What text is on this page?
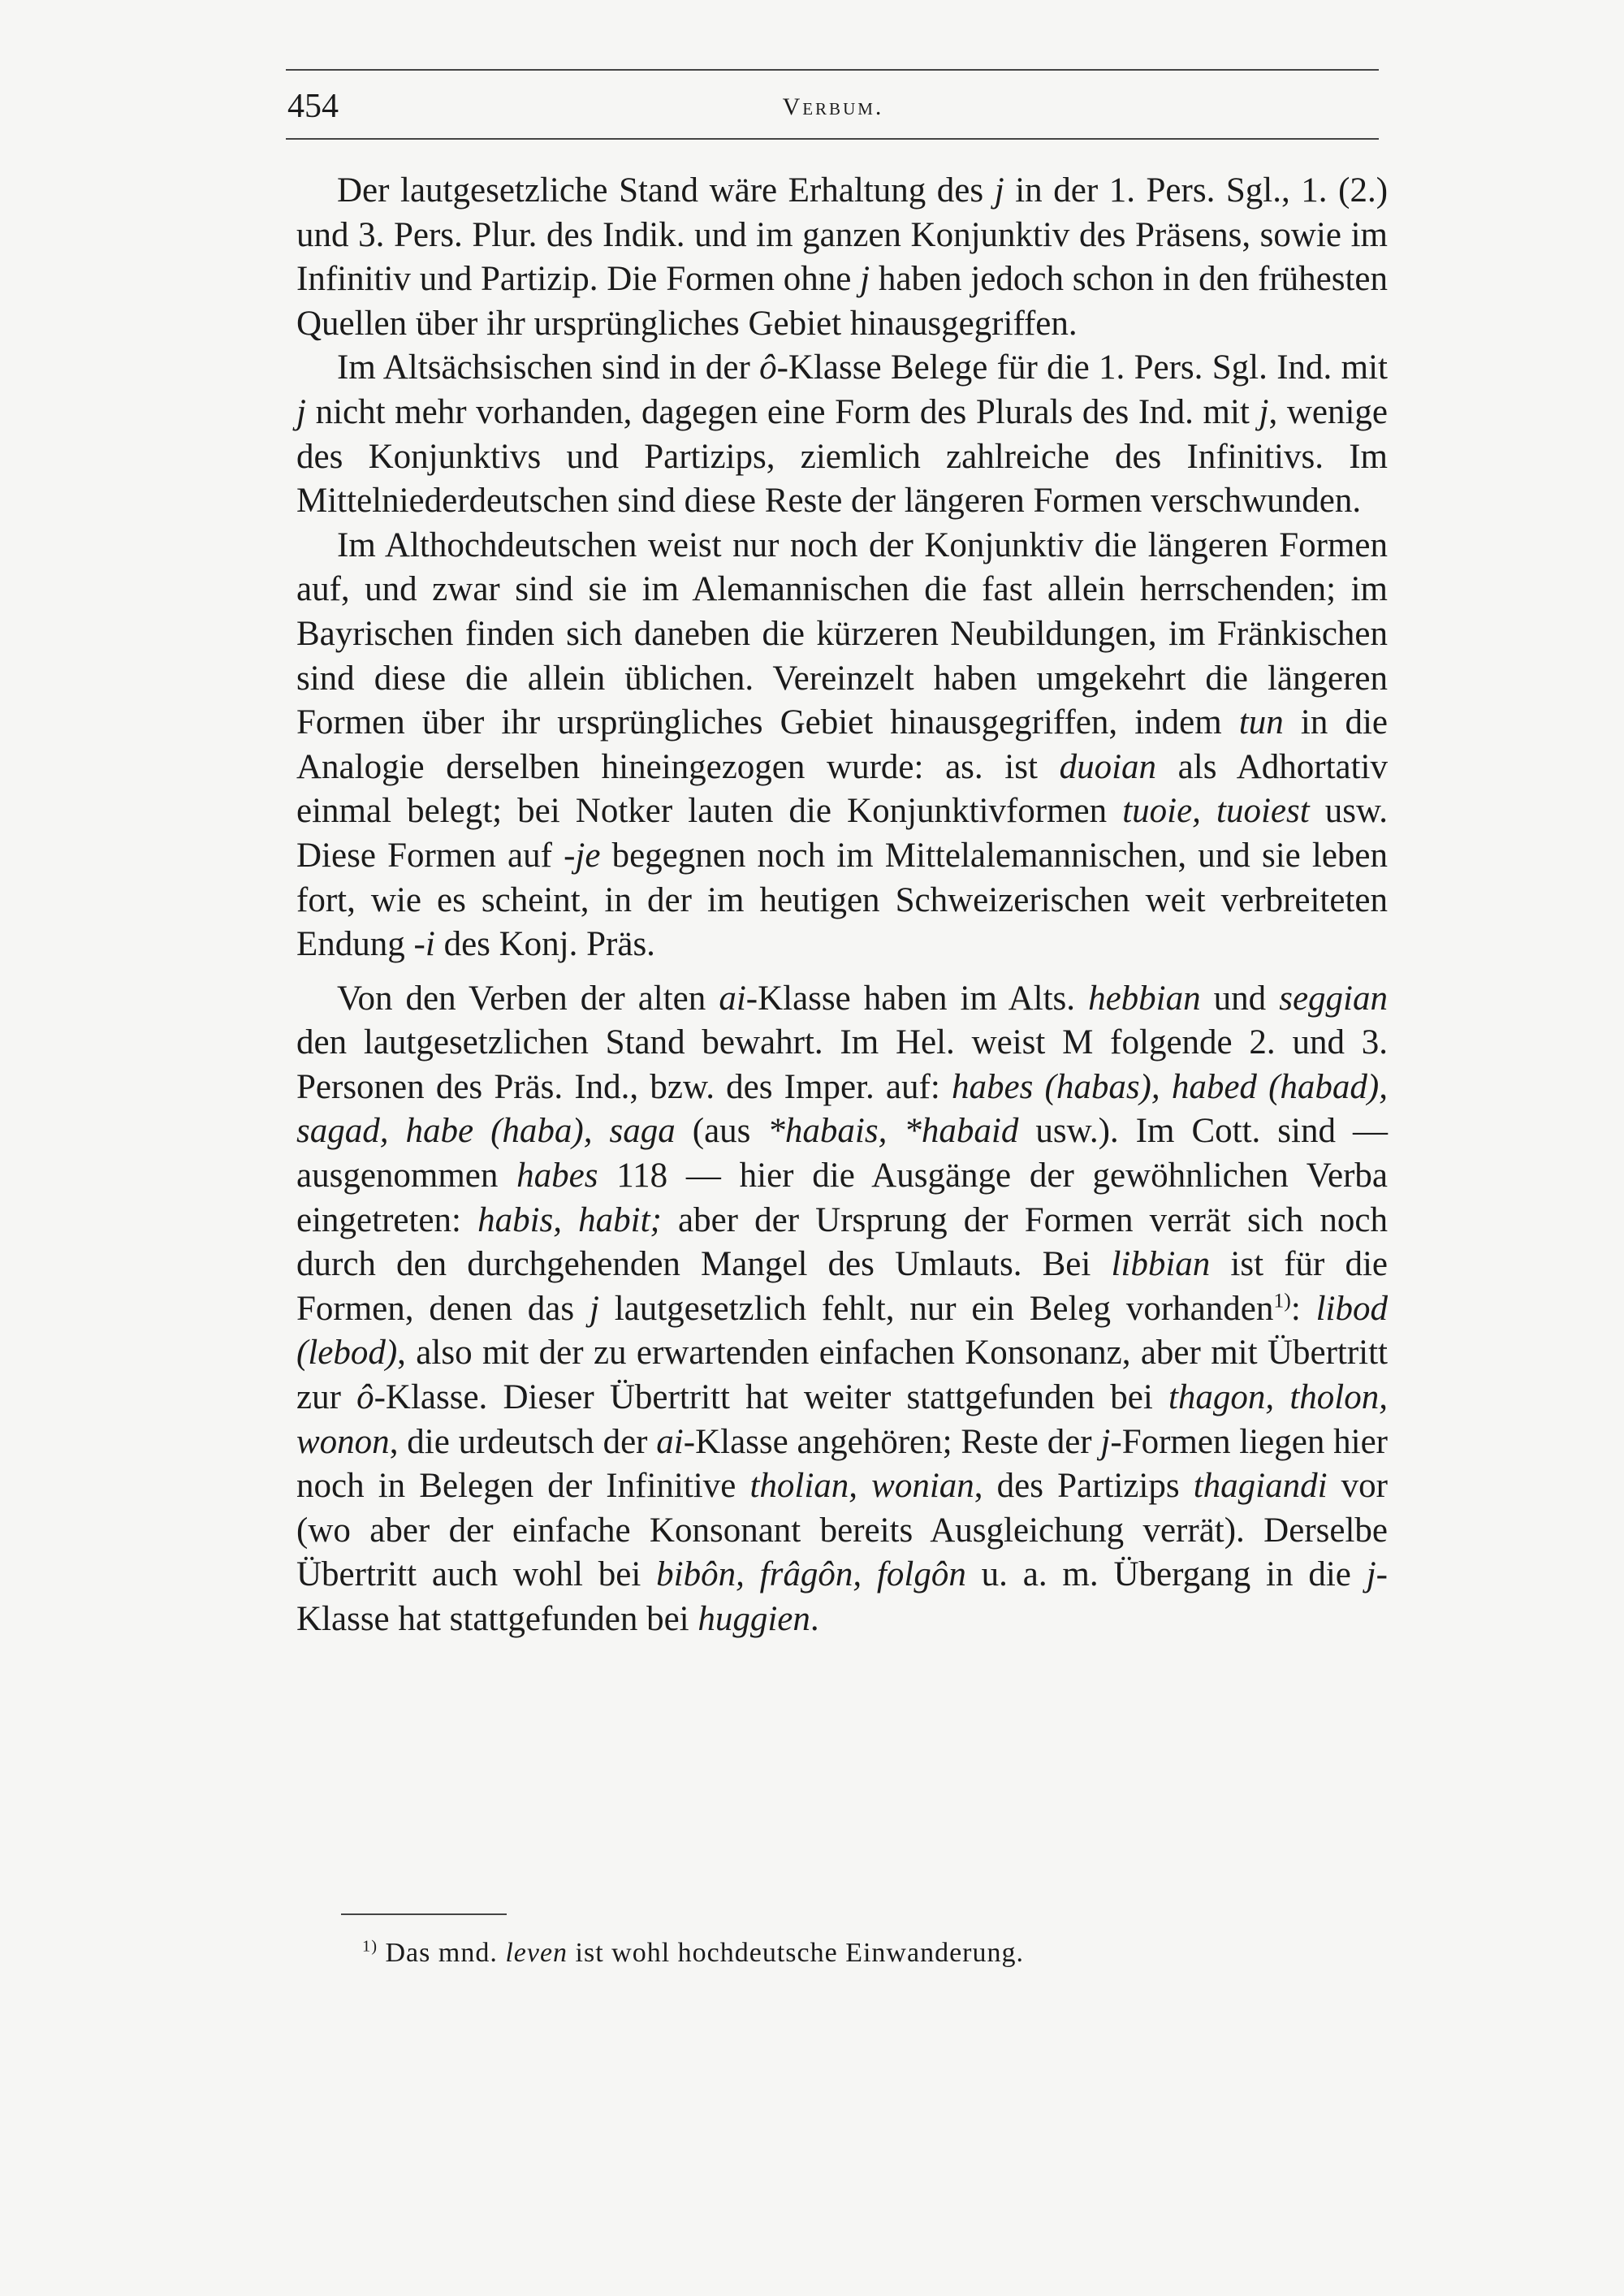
454	Verbum.

Der lautgesetzliche Stand wäre Erhaltung des j in der 1. Pers. Sgl., 1. (2.) und 3. Pers. Plur. des Indik. und im ganzen Konjunktiv des Präsens, sowie im Infinitiv und Partizip. Die Formen ohne j haben jedoch schon in den frühesten Quellen über ihr ursprüngliches Gebiet hinausgegriffen.

Im Altsächsischen sind in der ô-Klasse Belege für die 1. Pers. Sgl. Ind. mit j nicht mehr vorhanden, dagegen eine Form des Plurals des Ind. mit j, wenige des Konjunktivs und Partizips, ziemlich zahlreiche des Infinitivs. Im Mittelniederdeutschen sind diese Reste der längeren Formen verschwunden.

Im Althochdeutschen weist nur noch der Konjunktiv die längeren Formen auf, und zwar sind sie im Alemannischen die fast allein herrschenden; im Bayrischen finden sich daneben die kürzeren Neubildungen, im Fränkischen sind diese die allein üblichen. Vereinzelt haben umgekehrt die längeren Formen über ihr ursprüngliches Gebiet hinausgegriffen, indem tun in die Analogie derselben hineingezogen wurde: as. ist duoian als Adhortativ einmal belegt; bei Notker lauten die Konjunktivformen tuoie, tuoiest usw. Diese Formen auf -je begegnen noch im Mittelalemannischen, und sie leben fort, wie es scheint, in der im heutigen Schweizerischen weit verbreiteten Endung -i des Konj. Präs.

Von den Verben der alten ai-Klasse haben im Alts. hebbian und seggian den lautgesetzlichen Stand bewahrt. Im Hel. weist M folgende 2. und 3. Personen des Präs. Ind., bzw. des Imper. auf: habes (habas), habed (habad), sagad, habe (haba), saga (aus *habais, *habaid usw.). Im Cott. sind — ausgenommen habes 118 — hier die Ausgänge der gewöhnlichen Verba eingetreten: habis, habit; aber der Ursprung der Formen verrät sich noch durch den durchgehenden Mangel des Umlauts. Bei libbian ist für die Formen, denen das j lautgesetzlich fehlt, nur ein Beleg vorhanden$^{1)}$: libod (lebod), also mit der zu erwartenden einfachen Konsonanz, aber mit Übertritt zur ô-Klasse. Dieser Übertritt hat weiter stattgefunden bei thagon, tholon, wonon, die urdeutsch der ai-Klasse angehören; Reste der j-Formen liegen hier noch in Belegen der Infinitive tholian, wonian, des Partizips thagiandi vor (wo aber der einfache Konsonant bereits Ausgleichung verrät). Derselbe Übertritt auch wohl bei bibôn, frâgôn, folgôn u. a. m. Übergang in die j-Klasse hat stattgefunden bei huggien.

$^{1)}$ Das mnd. leven ist wohl hochdeutsche Einwanderung.
